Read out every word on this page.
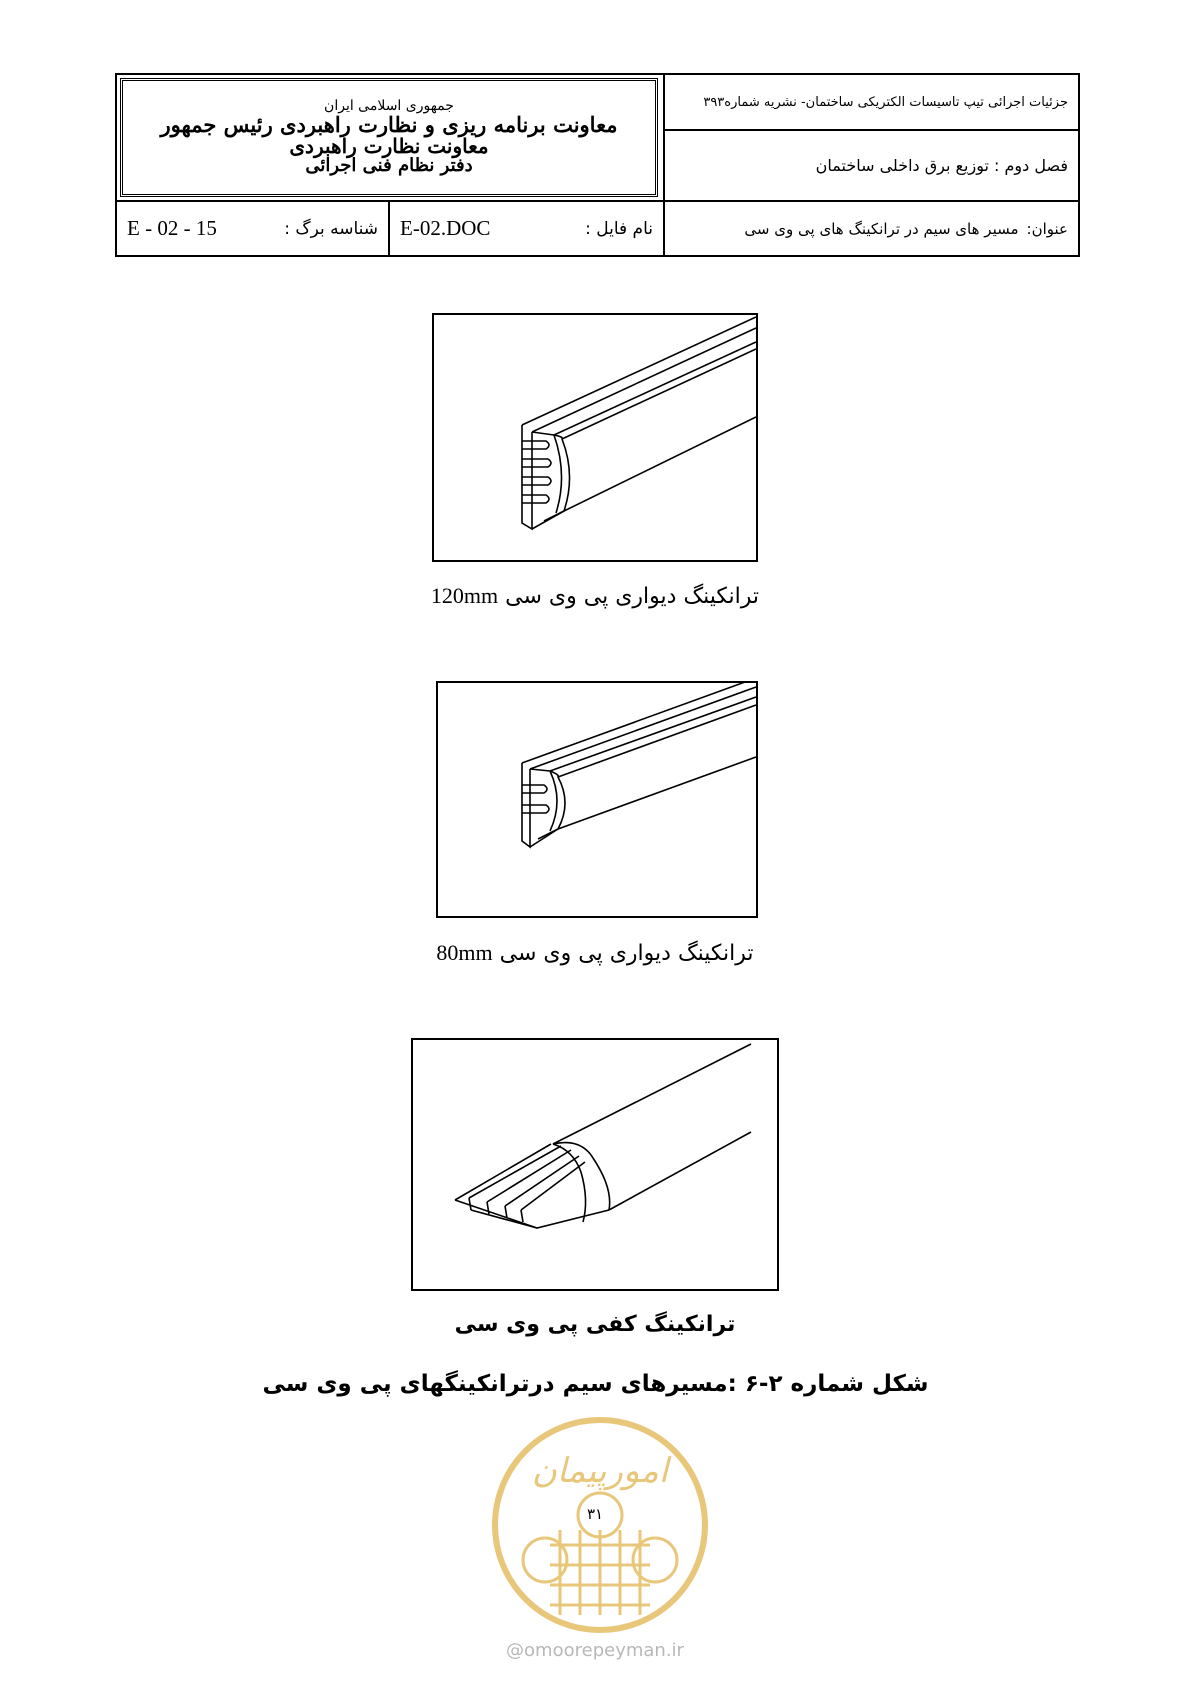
جمهوری اسلامی ایران
معاونت برنامه ریزی و نظارت راهبردی رئیس جمهور
معاونت نظارت راهبردی
دفتر نظام فنی اجرائی
جزئیات اجرائی تیپ تاسیسات الکتریکی ساختمان- نشریه شماره۳۹۳
فصل دوم : توزیع برق داخلی ساختمان
عنوان:
مسیر های سیم در ترانکینگ های پی وی سی
نام فایل :
E-02.DOC
شناسه برگ :
E - 02 - 15
ترانکینگ دیواری پی وی سی 120mm
ترانکینگ دیواری پی وی سی 80mm
ترانکینگ کفی پی وی سی
شکل شماره ۲-۶ :مسیرهای سیم درترانکینگهای پی وی سی
امورپیمان
۳۱
@omoorepeyman.ir
